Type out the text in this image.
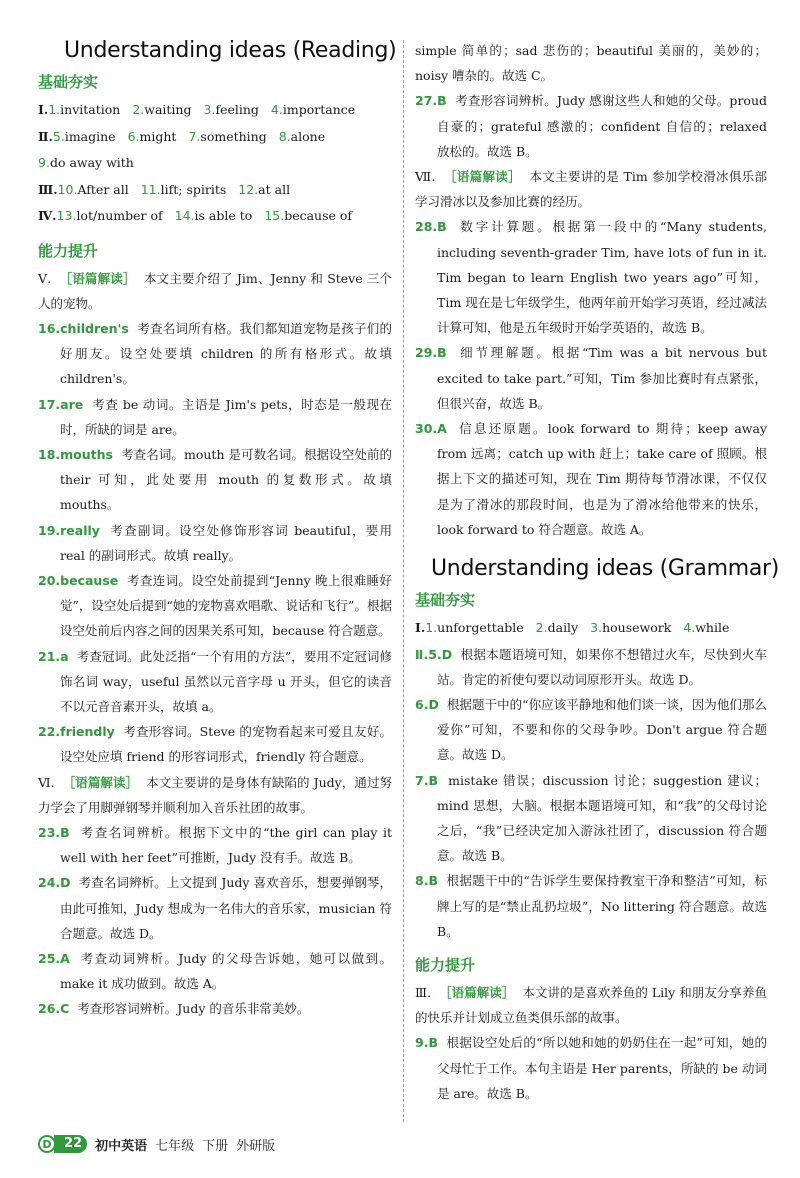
Understanding ideas (Reading)
基础夯实
Ⅰ.1.invitation 2.waiting 3.feeling 4.importance
Ⅱ.5.imagine 6.might 7.something 8.alone
9.do away with
Ⅲ.10.After all 11.lift; spirits 12.at all
Ⅳ.13.lot/number of 14.is able to 15.because of
能力提升

Ⅴ. ［语篇解读］ 本文主要介绍了 Jim、Jenny 和 Steve 三个人的宠物。

16.children's 考查名词所有格。我们都知道宠物是孩子们的好朋友。设空处要填 children 的所有格形式。故填 children's。

17.are 考查 be 动词。主语是 Jim's pets，时态是一般现在时，所缺的词是 are。

18.mouths 考查名词。mouth 是可数名词。根据设空处前的 their 可知，此处要用 mouth 的复数形式。故填 mouths。

19.really 考查副词。设空处修饰形容词 beautiful，要用 real 的副词形式。故填 really。

20.because 考查连词。设空处前提到“Jenny 晚上很难睡好觉”，设空处后提到“她的宠物喜欢唱歌、说话和飞行”。根据设空处前后内容之间的因果关系可知，because 符合题意。

21.a 考查冠词。此处泛指“一个有用的方法”，要用不定冠词修饰名词 way，useful 虽然以元音字母 u 开头，但它的读音不以元音音素开头，故填 a。

22.friendly 考查形容词。Steve 的宠物看起来可爱且友好。设空处应填 friend 的形容词形式，friendly 符合题意。

Ⅵ. ［语篇解读］ 本文主要讲的是身体有缺陷的 Judy，通过努力学会了用脚弹钢琴并顺利加入音乐社团的故事。

23.B 考查名词辨析。根据下文中的“the girl can play it well with her feet”可推断，Judy 没有手。故选 B。

24.D 考查名词辨析。上文提到 Judy 喜欢音乐，想要弹钢琴，由此可推知，Judy 想成为一名伟大的音乐家，musician 符合题意。故选 D。

25.A 考查动词辨析。Judy 的父母告诉她，她可以做到。make it 成功做到。故选 A。

26.C 考查形容词辨析。Judy 的音乐非常美妙。

simple 简单的；sad 悲伤的；beautiful 美丽的，美妙的；noisy 嘈杂的。故选 C。

27.B 考查形容词辨析。Judy 感谢这些人和她的父母。proud 自豪的；grateful 感激的；confident 自信的；relaxed 放松的。故选 B。

Ⅶ. ［语篇解读］ 本文主要讲的是 Tim 参加学校滑冰俱乐部学习滑冰以及参加比赛的经历。

28.B 数字计算题。根据第一段中的“Many students, including seventh-grader Tim, have lots of fun in it. Tim began to learn English two years ago”可知，Tim 现在是七年级学生，他两年前开始学习英语，经过减法计算可知，他是五年级时开始学英语的，故选 B。

29.B 细节理解题。根据“Tim was a bit nervous but excited to take part.”可知，Tim 参加比赛时有点紧张，但很兴奋，故选 B。

30.A 信息还原题。look forward to 期待；keep away from 远离；catch up with 赶上；take care of 照顾。根据上下文的描述可知，现在 Tim 期待每节滑冰课，不仅仅是为了滑冰的那段时间，也是为了滑冰给他带来的快乐，look forward to 符合题意。故选 A。

Understanding ideas (Grammar)
基础夯实
Ⅰ.1.unforgettable 2.daily 3.housework 4.while

Ⅱ.5.D 根据本题语境可知，如果你不想错过火车，尽快到火车站。肯定的祈使句要以动词原形开头。故选 D。

6.D 根据题干中的“你应该平静地和他们谈一谈，因为他们那么爱你”可知，不要和你的父母争吵。Don't argue 符合题意。故选 D。

7.B mistake 错误；discussion 讨论；suggestion 建议；mind 思想，大脑。根据本题语境可知，和“我”的父母讨论之后，“我”已经决定加入游泳社团了，discussion 符合题意。故选 B。

8.B 根据题干中的“告诉学生要保持教室干净和整洁”可知，标牌上写的是“禁止乱扔垃圾”，No littering 符合题意。故选 B。

能力提升

Ⅲ. ［语篇解读］ 本文讲的是喜欢养鱼的 Lily 和朋友分享养鱼的快乐并计划成立鱼类俱乐部的故事。

9.B 根据设空处后的“所以她和她的奶奶住在一起”可知，她的父母忙于工作。本句主语是 Her parents，所缺的 be 动词是 are。故选 B。

D 22	初中英语 七年级 下册 外研版
